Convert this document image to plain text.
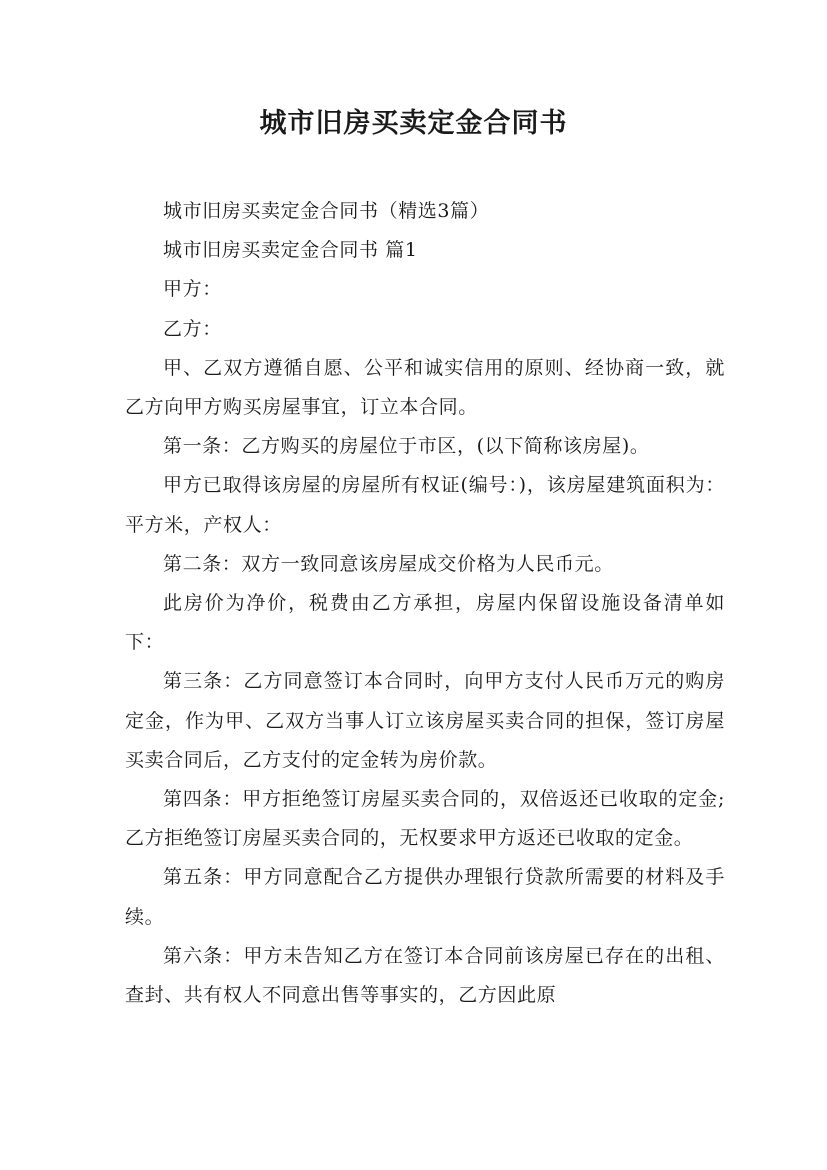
城市旧房买卖定金合同书

城市旧房买卖定金合同书（精选3篇）

城市旧房买卖定金合同书 篇1

甲方：

乙方：

甲、乙双方遵循自愿、公平和诚实信用的原则、经协商一致，就乙方向甲方购买房屋事宜，订立本合同。

第一条：乙方购买的房屋位于市区，(以下简称该房屋)。

甲方已取得该房屋的房屋所有权证(编号：)，该房屋建筑面积为：平方米，产权人：

第二条：双方一致同意该房屋成交价格为人民币元。

此房价为净价，税费由乙方承担，房屋内保留设施设备清单如下：

第三条：乙方同意签订本合同时，向甲方支付人民币万元的购房定金，作为甲、乙双方当事人订立该房屋买卖合同的担保，签订房屋买卖合同后，乙方支付的定金转为房价款。

第四条：甲方拒绝签订房屋买卖合同的，双倍返还已收取的定金;乙方拒绝签订房屋买卖合同的，无权要求甲方返还已收取的定金。

第五条：甲方同意配合乙方提供办理银行贷款所需要的材料及手续。

第六条：甲方未告知乙方在签订本合同前该房屋已存在的出租、查封、共有权人不同意出售等事实的，乙方因此原
